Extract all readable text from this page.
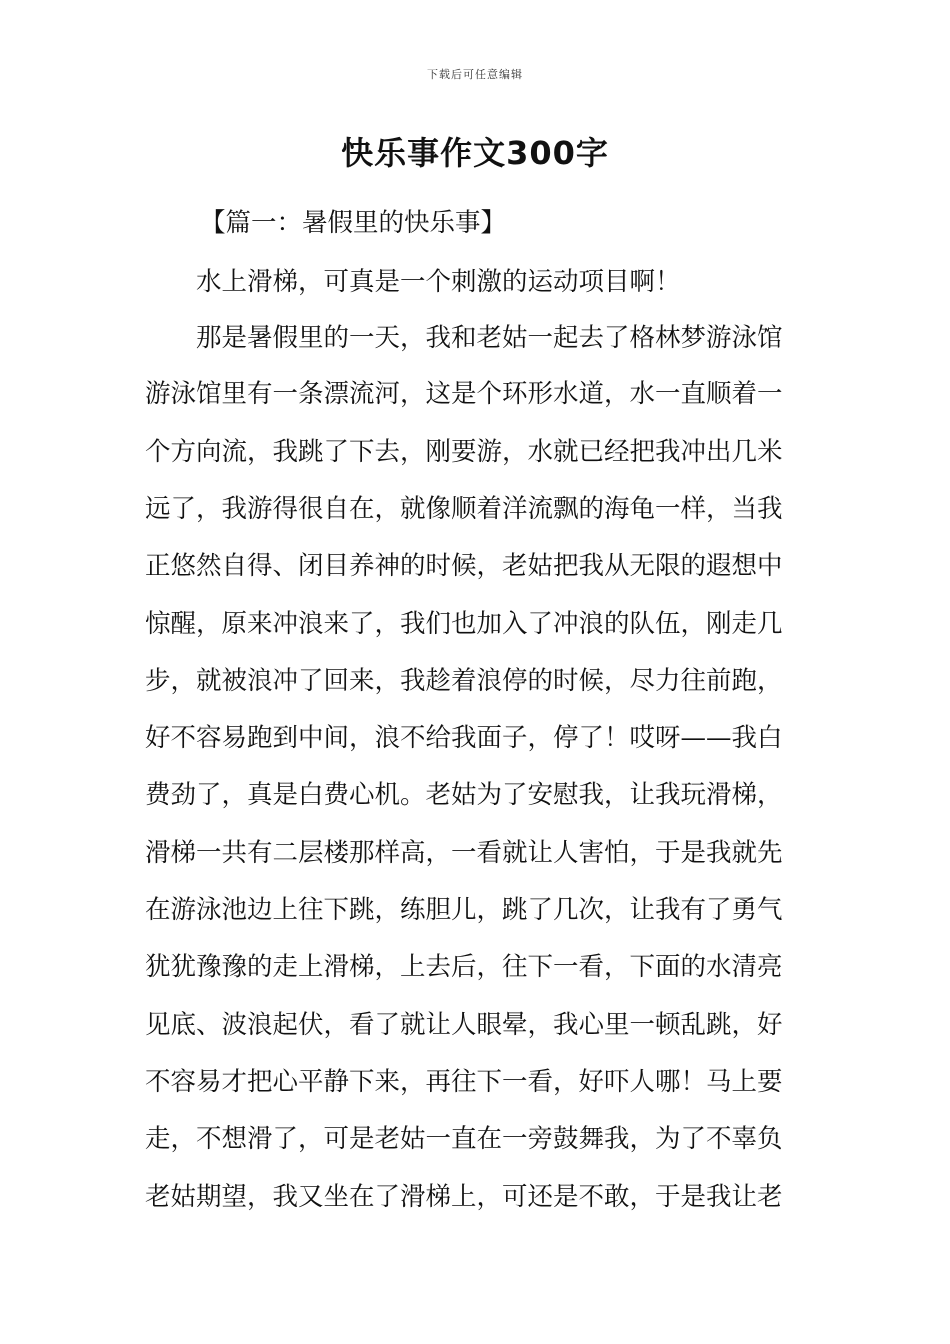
下载后可任意编辑
快乐事作文300字
【篇一：暑假里的快乐事】
水上滑梯，可真是一个刺激的运动项目啊！
那是暑假里的一天，我和老姑一起去了格林梦游泳馆
游泳馆里有一条漂流河，这是个环形水道，水一直顺着一
个方向流，我跳了下去，刚要游，水就已经把我冲出几米
远了，我游得很自在，就像顺着洋流飘的海龟一样，当我
正悠然自得、闭目养神的时候，老姑把我从无限的遐想中
惊醒，原来冲浪来了，我们也加入了冲浪的队伍，刚走几
步，就被浪冲了回来，我趁着浪停的时候，尽力往前跑，
好不容易跑到中间，浪不给我面子，停了！哎呀——我白
费劲了，真是白费心机。老姑为了安慰我，让我玩滑梯，
滑梯一共有二层楼那样高，一看就让人害怕，于是我就先
在游泳池边上往下跳，练胆儿，跳了几次，让我有了勇气
犹犹豫豫的走上滑梯，上去后，往下一看，下面的水清亮
见底、波浪起伏，看了就让人眼晕，我心里一顿乱跳，好
不容易才把心平静下来，再往下一看，好吓人哪！马上要
走，不想滑了，可是老姑一直在一旁鼓舞我，为了不辜负
老姑期望，我又坐在了滑梯上，可还是不敢，于是我让老
